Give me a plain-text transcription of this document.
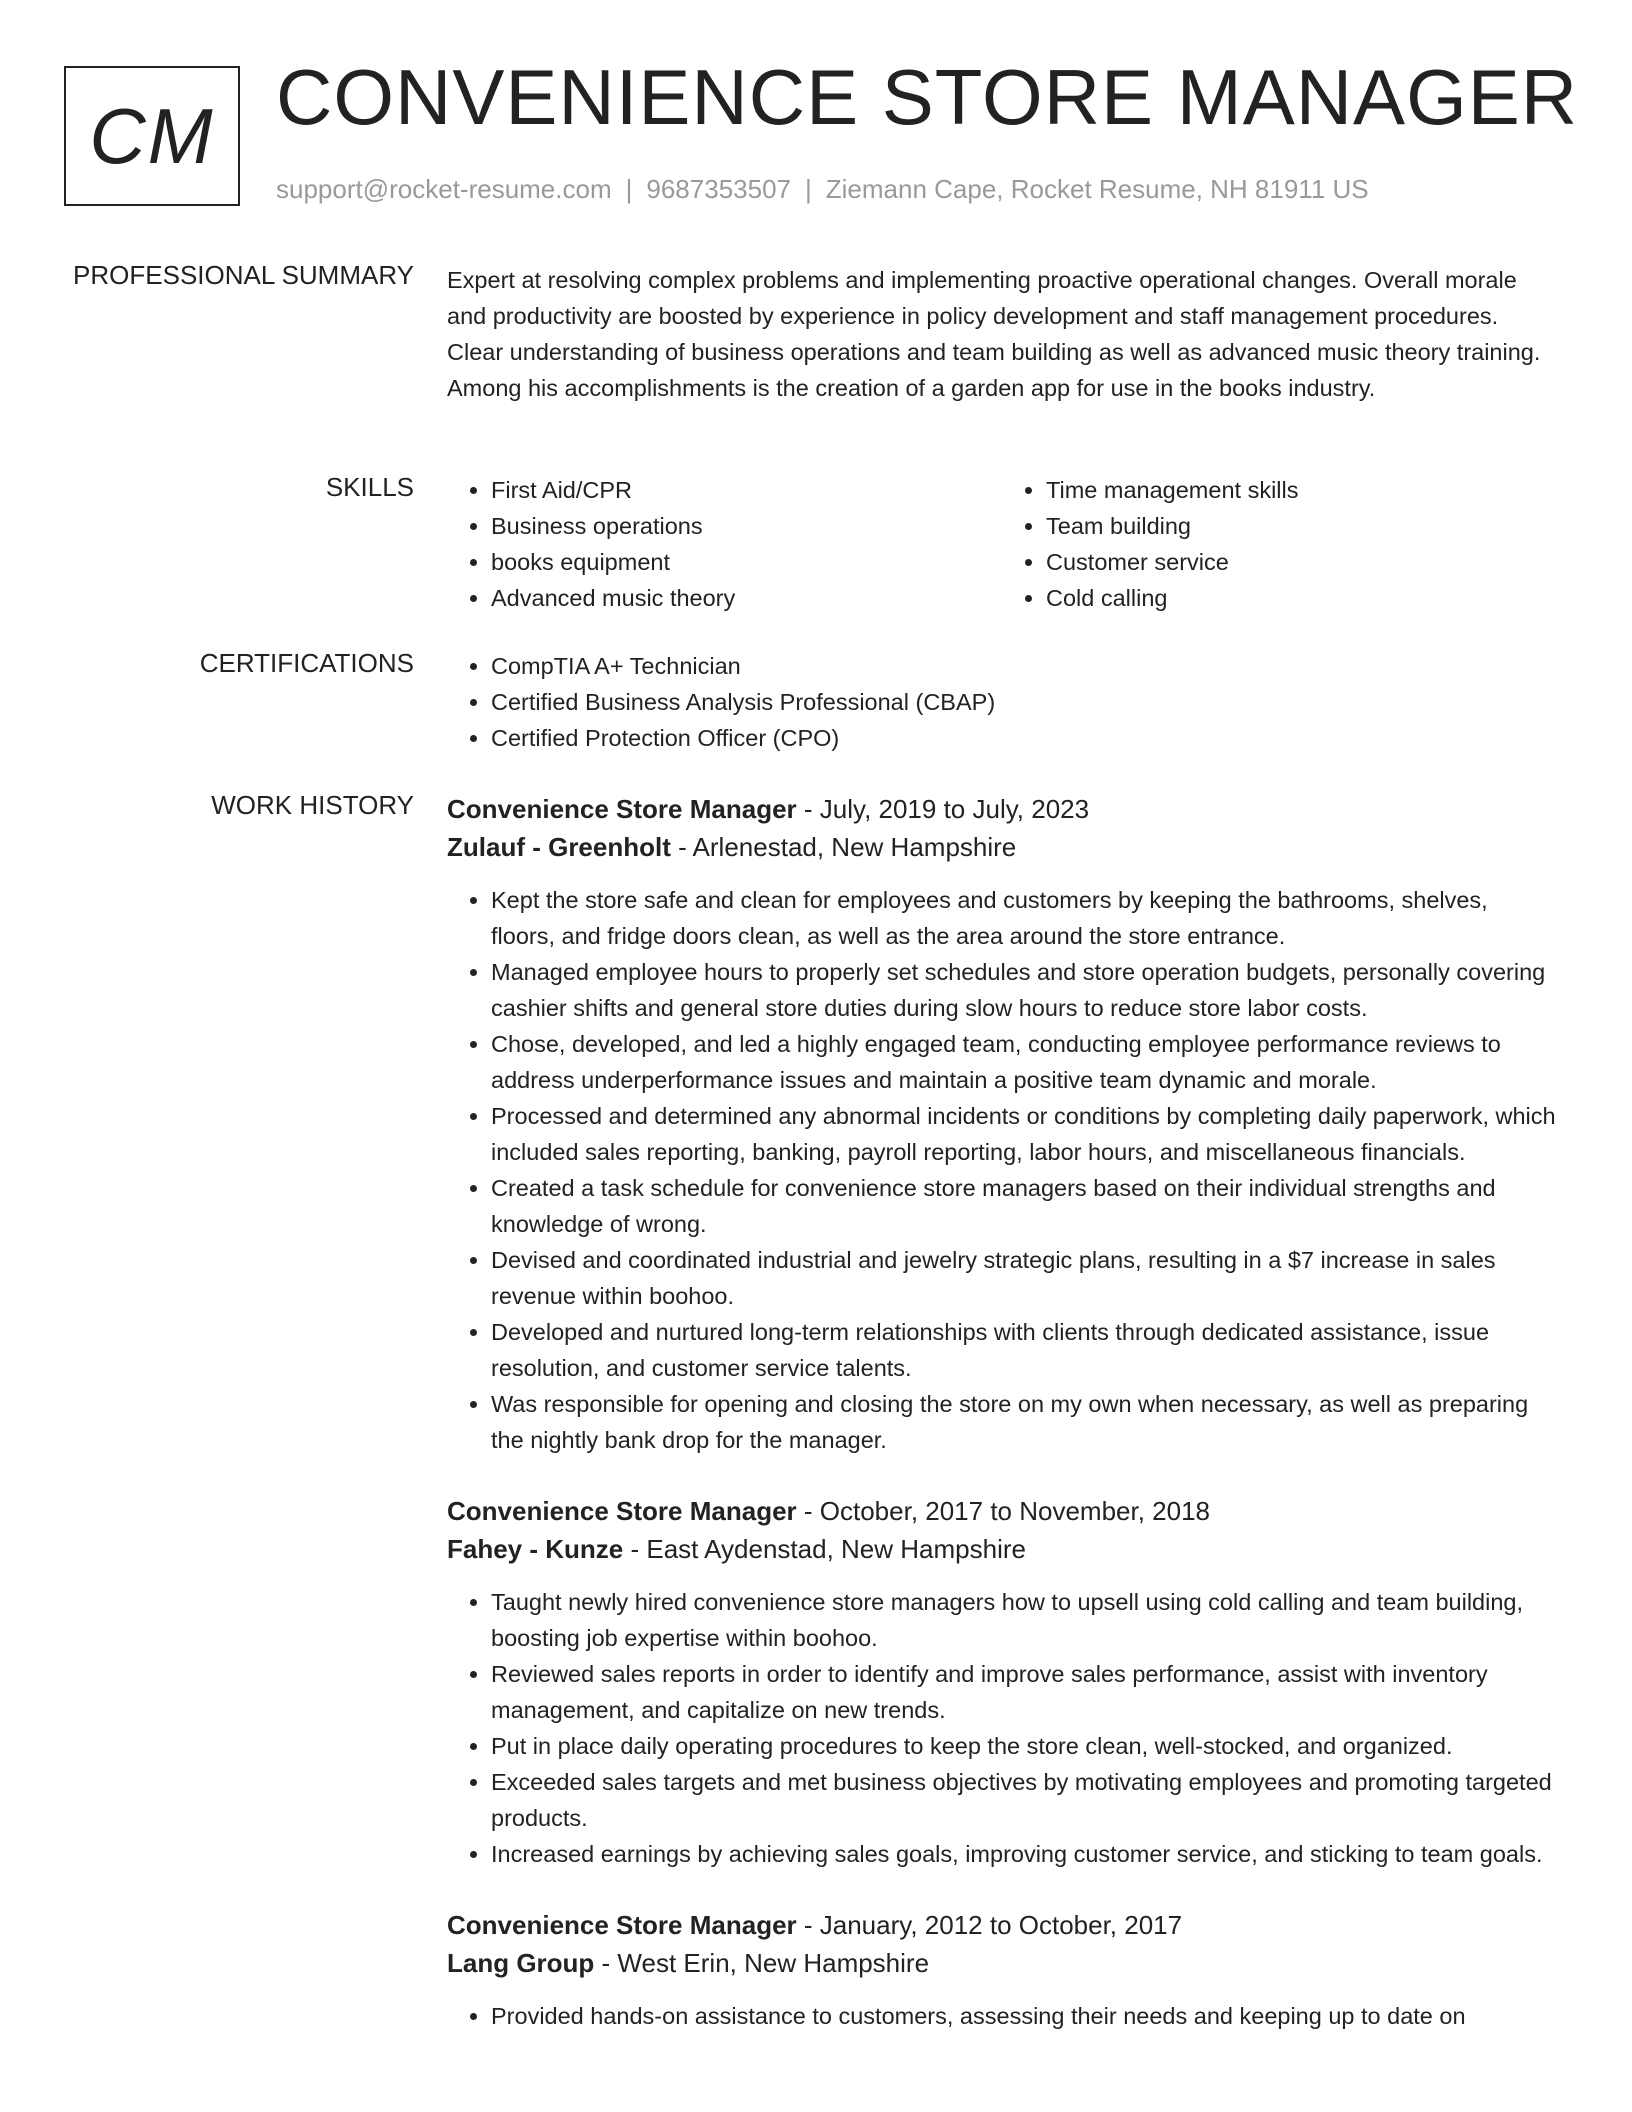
CM CONVENIENCE STORE MANAGER
support@rocket-resume.com | 9687353507 | Ziemann Cape, Rocket Resume, NH 81911 US
PROFESSIONAL SUMMARY Expert at resolving complex problems and implementing proactive operational changes. Overall morale and productivity are boosted by experience in policy development and staff management procedures. Clear understanding of business operations and team building as well as advanced music theory training. Among his accomplishments is the creation of a garden app for use in the books industry.

SKILLS	• First Aid/CPR
• Business operations
• books equipment
• Advanced music theory
• Time management skills
• Team building
• Customer service
• Cold calling
CERTIFICATIONS	• CompTIA A+ Technician
• Certified Business Analysis Professional (CBAP)
• Certified Protection Officer (CPO)
WORK HISTORY Convenience Store Manager - July, 2019 to July, 2023
Zulauf - Greenholt - Arlenestad, New Hampshire
• Kept the store safe and clean for employees and customers by keeping the bathrooms, shelves, floors, and fridge doors clean, as well as the area around the store entrance.
• Managed employee hours to properly set schedules and store operation budgets, personally covering cashier shifts and general store duties during slow hours to reduce store labor costs.
• Chose, developed, and led a highly engaged team, conducting employee performance reviews to address underperformance issues and maintain a positive team dynamic and morale.
• Processed and determined any abnormal incidents or conditions by completing daily paperwork, which included sales reporting, banking, payroll reporting, labor hours, and miscellaneous financials.
• Created a task schedule for convenience store managers based on their individual strengths and knowledge of wrong.
• Devised and coordinated industrial and jewelry strategic plans, resulting in a $7 increase in sales revenue within boohoo.
• Developed and nurtured long-term relationships with clients through dedicated assistance, issue resolution, and customer service talents.
• Was responsible for opening and closing the store on my own when necessary, as well as preparing the nightly bank drop for the manager.
Convenience Store Manager - October, 2017 to November, 2018
Fahey - Kunze - East Aydenstad, New Hampshire
• Taught newly hired convenience store managers how to upsell using cold calling and team building, boosting job expertise within boohoo.
• Reviewed sales reports in order to identify and improve sales performance, assist with inventory management, and capitalize on new trends.
• Put in place daily operating procedures to keep the store clean, well-stocked, and organized.
• Exceeded sales targets and met business objectives by motivating employees and promoting targeted products.
• Increased earnings by achieving sales goals, improving customer service, and sticking to team goals.
Convenience Store Manager - January, 2012 to October, 2017
Lang Group - West Erin, New Hampshire
• Provided hands-on assistance to customers, assessing their needs and keeping up to date on
